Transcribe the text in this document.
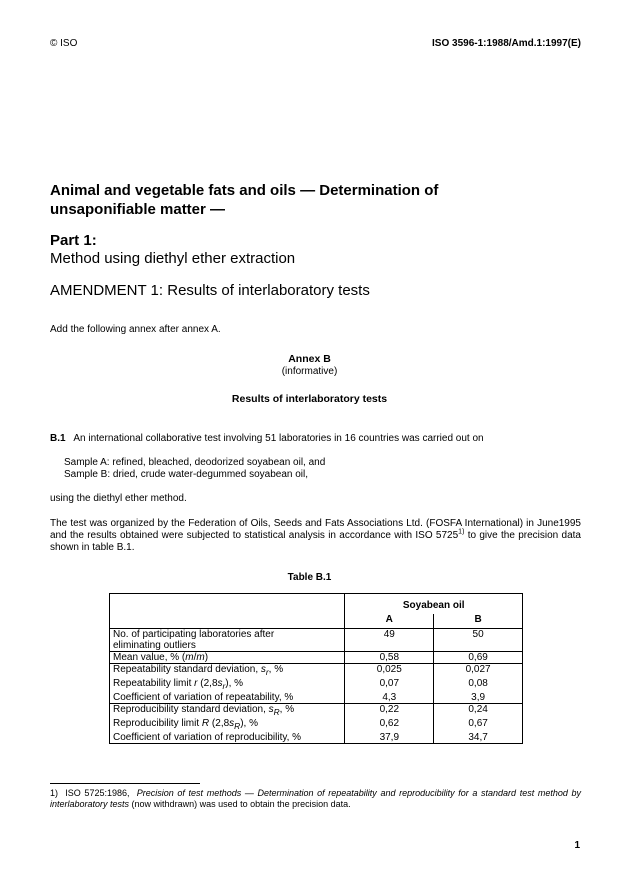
© ISO	ISO 3596-1:1988/Amd.1:1997(E)
Animal and vegetable fats and oils — Determination of
unsaponifiable matter —
Part 1:
Method using diethyl ether extraction
AMENDMENT 1: Results of interlaboratory tests
Add the following annex after annex A.
Annex B
(informative)
Results of interlaboratory tests
B.1 An international collaborative test involving 51 laboratories in 16 countries was carried out on
Sample A: refined, bleached, deodorized soyabean oil, and
Sample B: dried, crude water-degummed soyabean oil,
using the diethyl ether method.
The test was organized by the Federation of Oils, Seeds and Fats Associations Ltd. (FOSFA International) in June1995 and the results obtained were subjected to statistical analysis in accordance with ISO 5725$^{1)}$ to give the precision data shown in table B.1.
Table B.1
	Soyabean oil	
	A	B

No. of participating laboratories after
eliminating outliers	49	50
Mean value, % (m/m)	0,58	0,69
Repeatability standard deviation, $s_r$, %	0,025	0,027
Repeatability limit r $(2,8s_r)$, %	0,07	0,08
Coefficient of variation of repeatability, %	4,3	3,9
Reproducibility standard deviation, $s_R$, %	0,22	0,24
Reproducibility limit R $(2,8s_R)$, %	0,62	0,67
Coefficient of variation of reproducibility, %	37,9	34,7
1) ISO 5725:1986, Precision of test methods — Determination of repeatability and reproducibility for a standard test method by interlaboratory tests (now withdrawn) was used to obtain the precision data.
1
